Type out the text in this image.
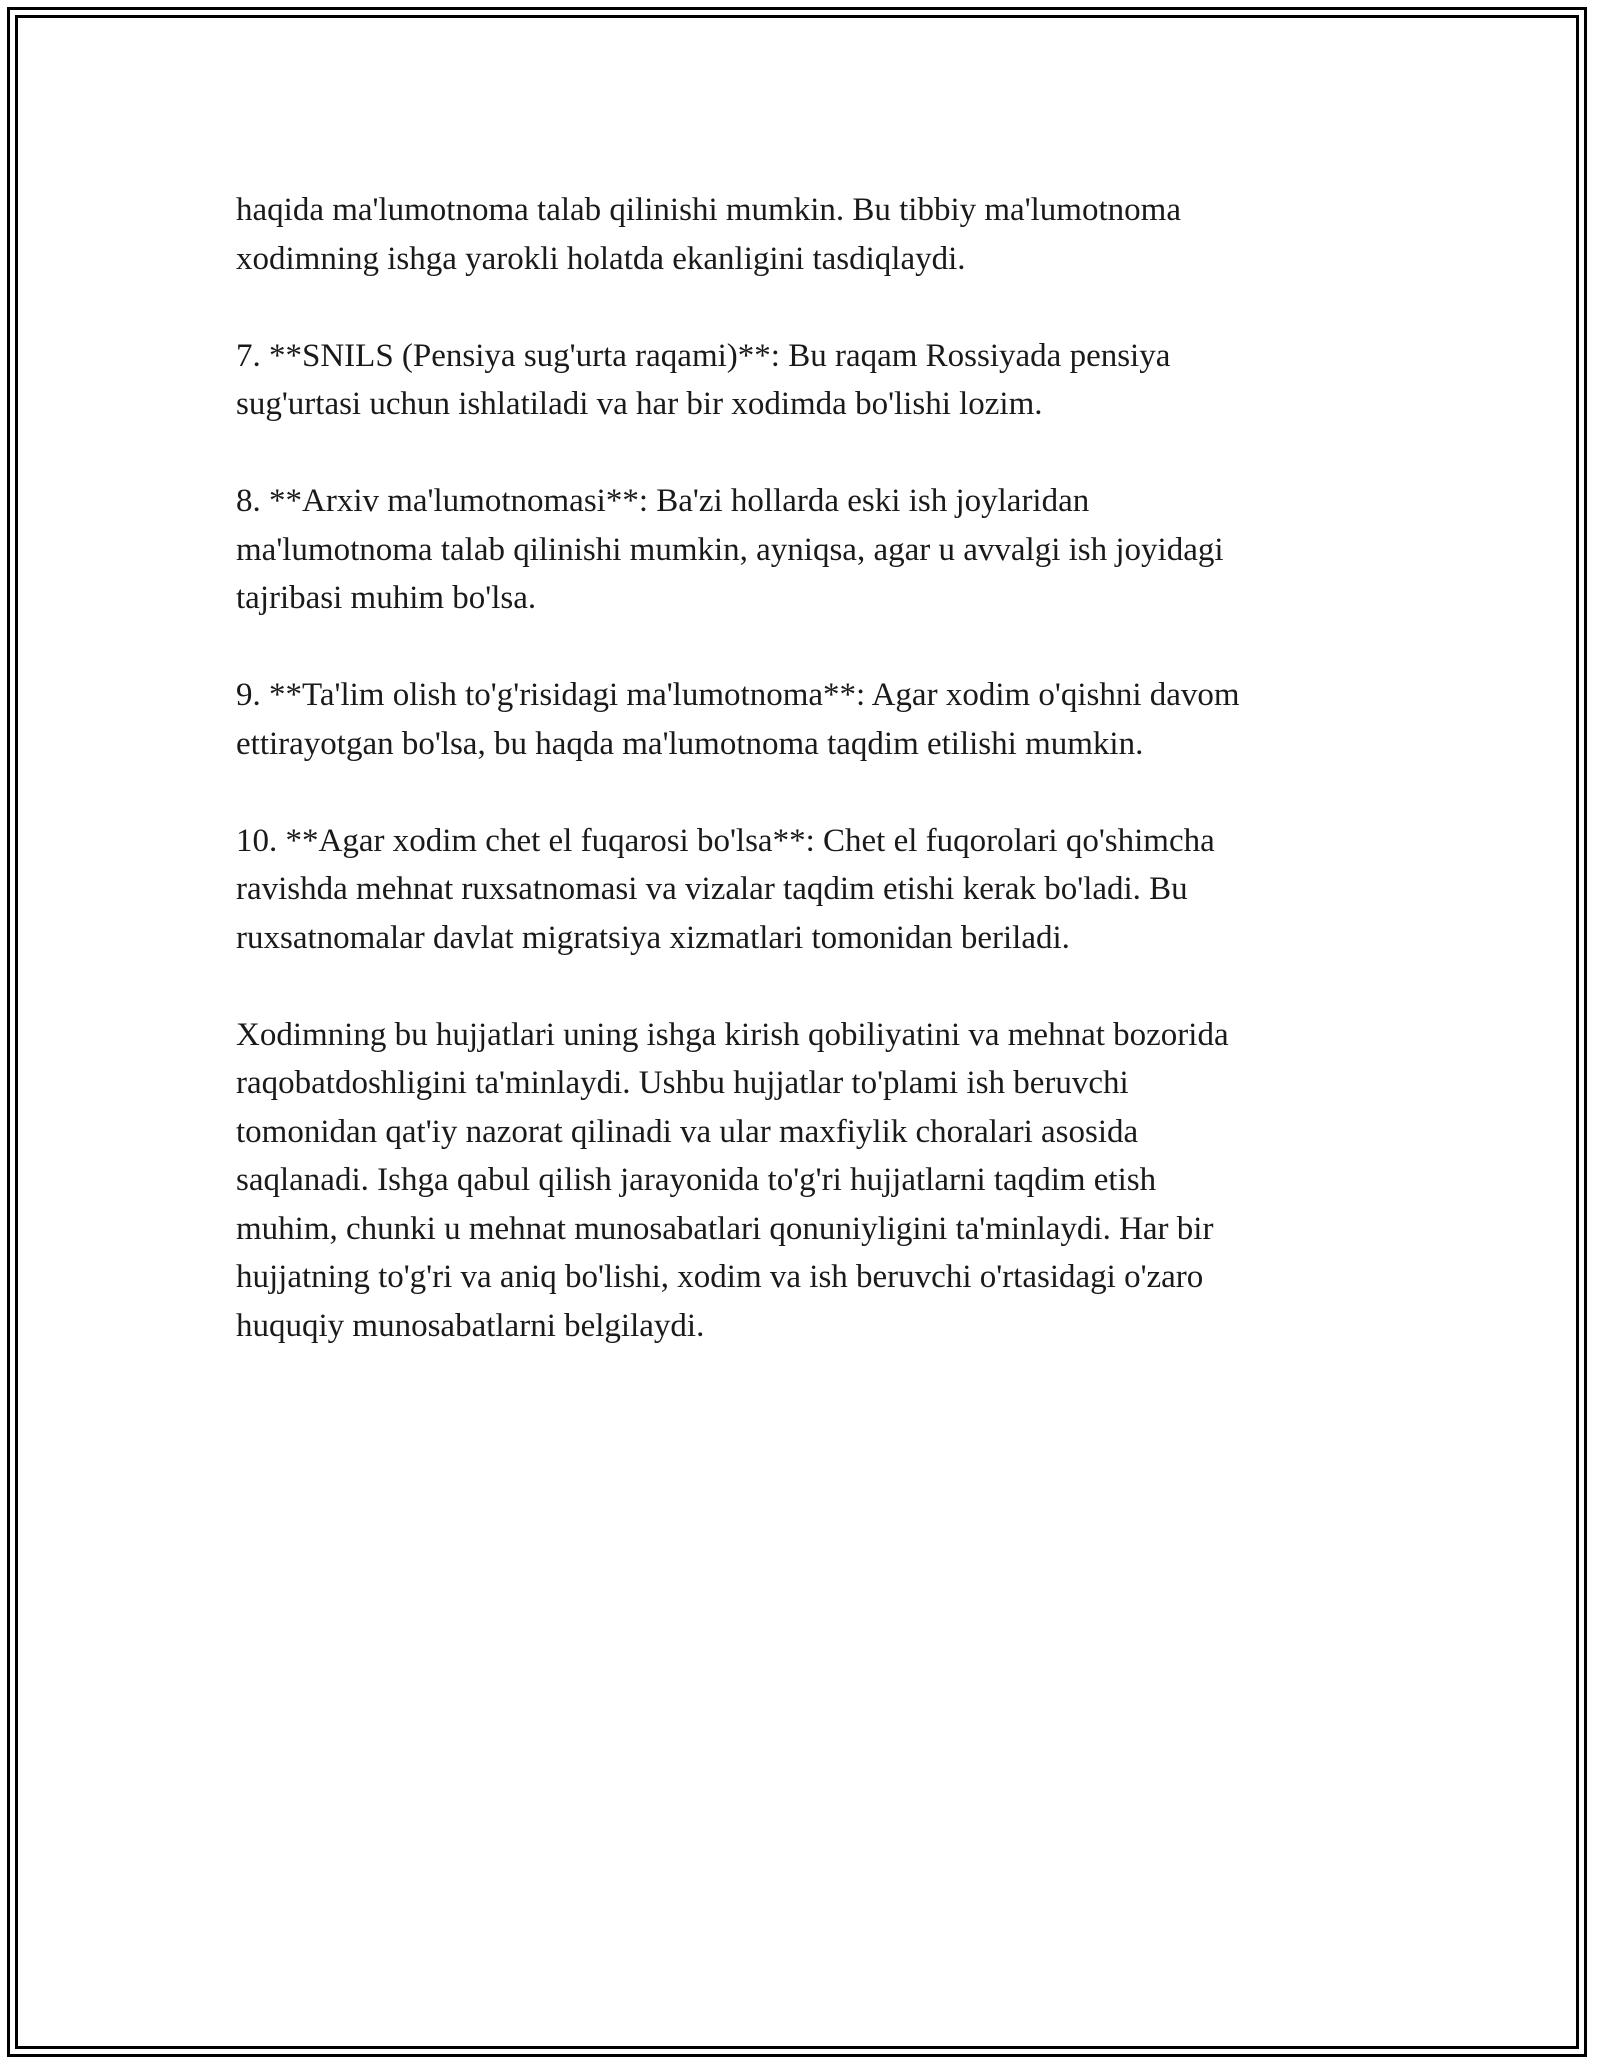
haqida ma'lumotnoma talab qilinishi mumkin. Bu tibbiy ma'lumotnoma
xodimning ishga yarokli holatda ekanligini tasdiqlaydi.

7. **SNILS (Pensiya sug'urta raqami)**: Bu raqam Rossiyada pensiya
sug'urtasi uchun ishlatiladi va har bir xodimda bo'lishi lozim.

8. **Arxiv ma'lumotnomasi**: Ba'zi hollarda eski ish joylaridan
ma'lumotnoma talab qilinishi mumkin, ayniqsa, agar u avvalgi ish joyidagi
tajribasi muhim bo'lsa.

9. **Ta'lim olish to'g'risidagi ma'lumotnoma**: Agar xodim o'qishni davom
ettirayotgan bo'lsa, bu haqda ma'lumotnoma taqdim etilishi mumkin.

10. **Agar xodim chet el fuqarosi bo'lsa**: Chet el fuqorolari qo'shimcha
ravishda mehnat ruxsatnomasi va vizalar taqdim etishi kerak bo'ladi. Bu
ruxsatnomalar davlat migratsiya xizmatlari tomonidan beriladi.

Xodimning bu hujjatlari uning ishga kirish qobiliyatini va mehnat bozorida
raqobatdoshligini ta'minlaydi. Ushbu hujjatlar to'plami ish beruvchi
tomonidan qat'iy nazorat qilinadi va ular maxfiylik choralari asosida
saqlanadi. Ishga qabul qilish jarayonida to'g'ri hujjatlarni taqdim etish
muhim, chunki u mehnat munosabatlari qonuniyligini ta'minlaydi. Har bir
hujjatning to'g'ri va aniq bo'lishi, xodim va ish beruvchi o'rtasidagi o'zaro
huquqiy munosabatlarni belgilaydi.
